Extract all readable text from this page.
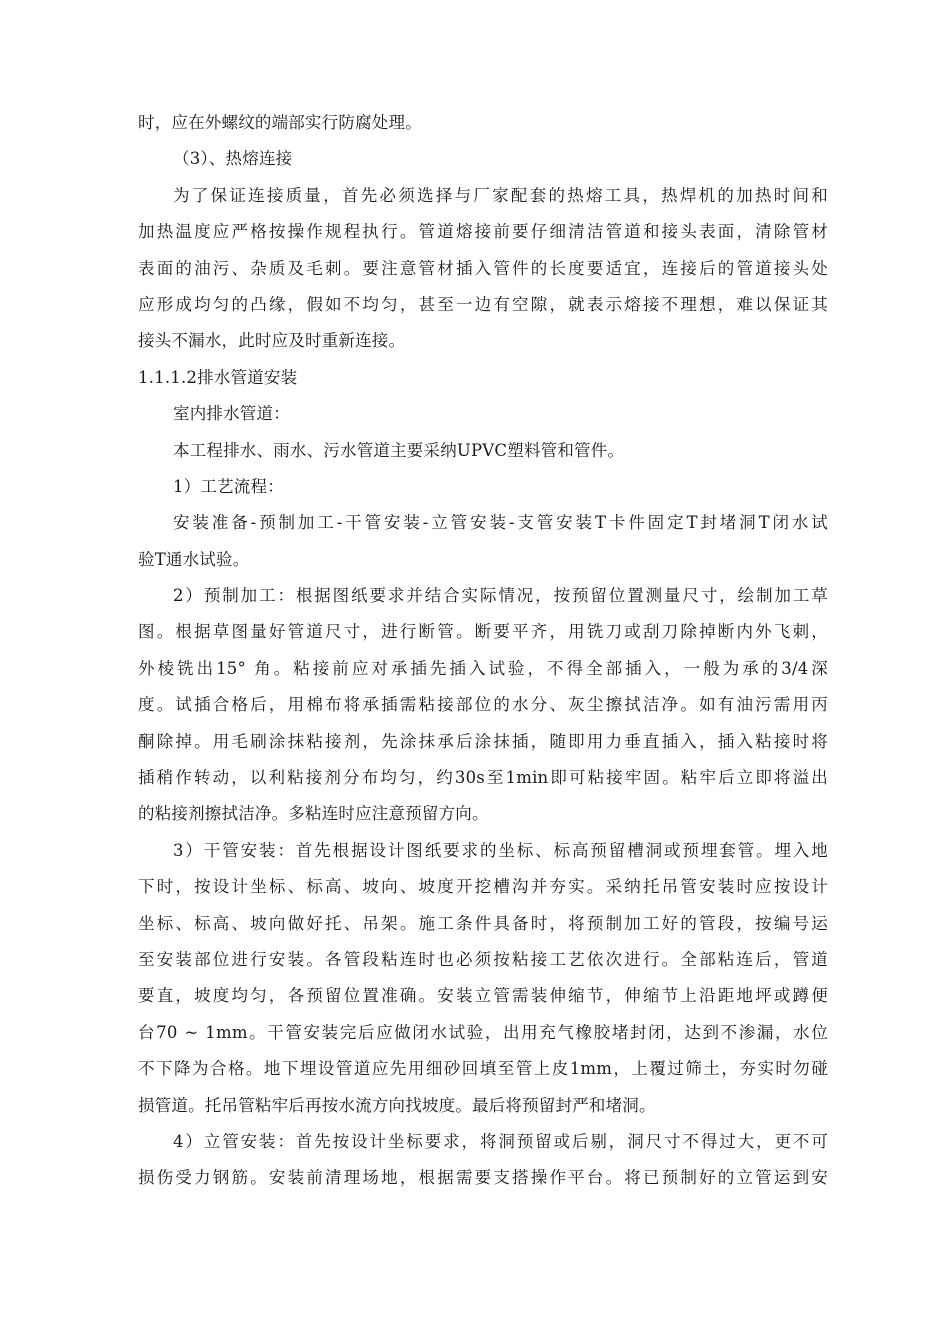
时，应在外螺纹的端部实行防腐处理。
（3）、热熔连接
为了保证连接质量，首先必须选择与厂家配套的热熔工具，热焊机的加热时间和
加热温度应严格按操作规程执行。管道熔接前要仔细清洁管道和接头表面，清除管材
表面的油污、杂质及毛刺。要注意管材插入管件的长度要适宜，连接后的管道接头处
应形成均匀的凸缘，假如不均匀，甚至一边有空隙，就表示熔接不理想，难以保证其
接头不漏水，此时应及时重新连接。
1.1.1.2排水管道安装
室内排水管道：
本工程排水、雨水、污水管道主要采纳UPVC塑料管和管件。
1）工艺流程：
安装准备-预制加工-干管安装-立管安装-支管安装T卡件固定T封堵洞T闭水试
验T通水试验。
2）预制加工：根据图纸要求并结合实际情况，按预留位置测量尺寸，绘制加工草
图。根据草图量好管道尺寸，进行断管。断要平齐，用铣刀或刮刀除掉断内外飞刺，
外棱铣出15° 角。粘接前应对承插先插入试验，不得全部插入，一般为承的3/4深
度。试插合格后，用棉布将承插需粘接部位的水分、灰尘擦拭洁净。如有油污需用丙
酮除掉。用毛刷涂抹粘接剂，先涂抹承后涂抹插，随即用力垂直插入，插入粘接时将
插稍作转动，以利粘接剂分布均匀，约30s至1min即可粘接牢固。粘牢后立即将溢出
的粘接剂擦拭洁净。多粘连时应注意预留方向。
3）干管安装：首先根据设计图纸要求的坐标、标高预留槽洞或预埋套管。埋入地
下时，按设计坐标、标高、坡向、坡度开挖槽沟并夯实。采纳托吊管安装时应按设计
坐标、标高、坡向做好托、吊架。施工条件具备时，将预制加工好的管段，按编号运
至安装部位进行安装。各管段粘连时也必须按粘接工艺依次进行。全部粘连后，管道
要直，坡度均匀，各预留位置准确。安装立管需装伸缩节，伸缩节上沿距地坪或蹲便
台70 ~ 1mm。干管安装完后应做闭水试验，出用充气橡胶堵封闭，达到不渗漏，水位
不下降为合格。地下埋设管道应先用细砂回填至管上皮1mm，上覆过筛土，夯实时勿碰
损管道。托吊管粘牢后再按水流方向找坡度。最后将预留封严和堵洞。
4）立管安装：首先按设计坐标要求，将洞预留或后剔，洞尺寸不得过大，更不可
损伤受力钢筋。安装前清理场地，根据需要支搭操作平台。将已预制好的立管运到安
